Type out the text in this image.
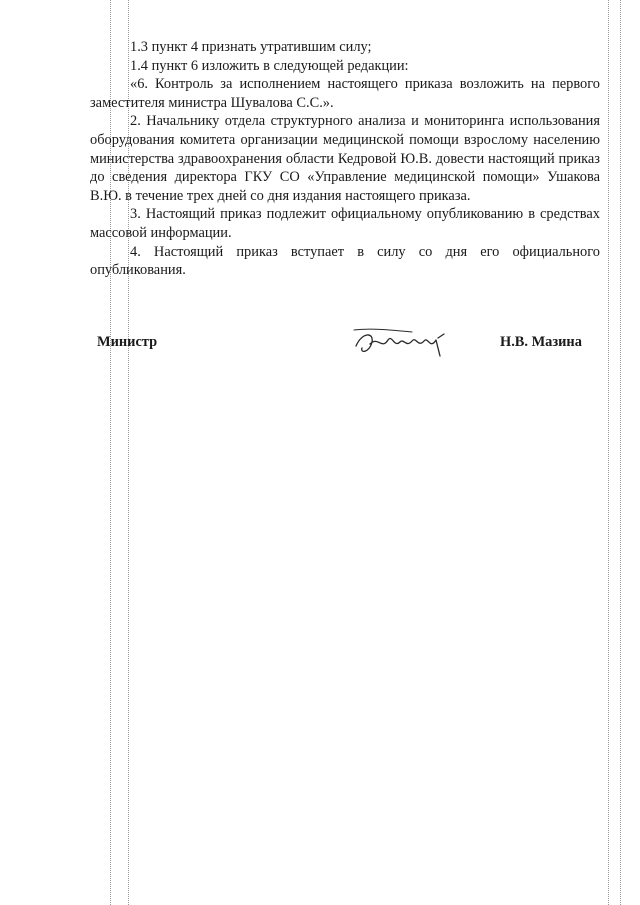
1.3 пункт 4 признать утратившим силу;

1.4 пункт 6 изложить в следующей редакции:

«6. Контроль за исполнением настоящего приказа возложить на первого заместителя министра Шувалова С.С.».

2. Начальнику отдела структурного анализа и мониторинга использования оборудования комитета организации медицинской помощи взрослому населению министерства здравоохранения области Кедровой Ю.В. довести настоящий приказ до сведения директора ГКУ СО «Управление медицинской помощи» Ушакова В.Ю. в течение трех дней со дня издания настоящего приказа.

3. Настоящий приказ подлежит официальному опубликованию в средствах массовой информации.

4. Настоящий приказ вступает в силу со дня его официального опубликования.

Министр	Н.В. Мазина
